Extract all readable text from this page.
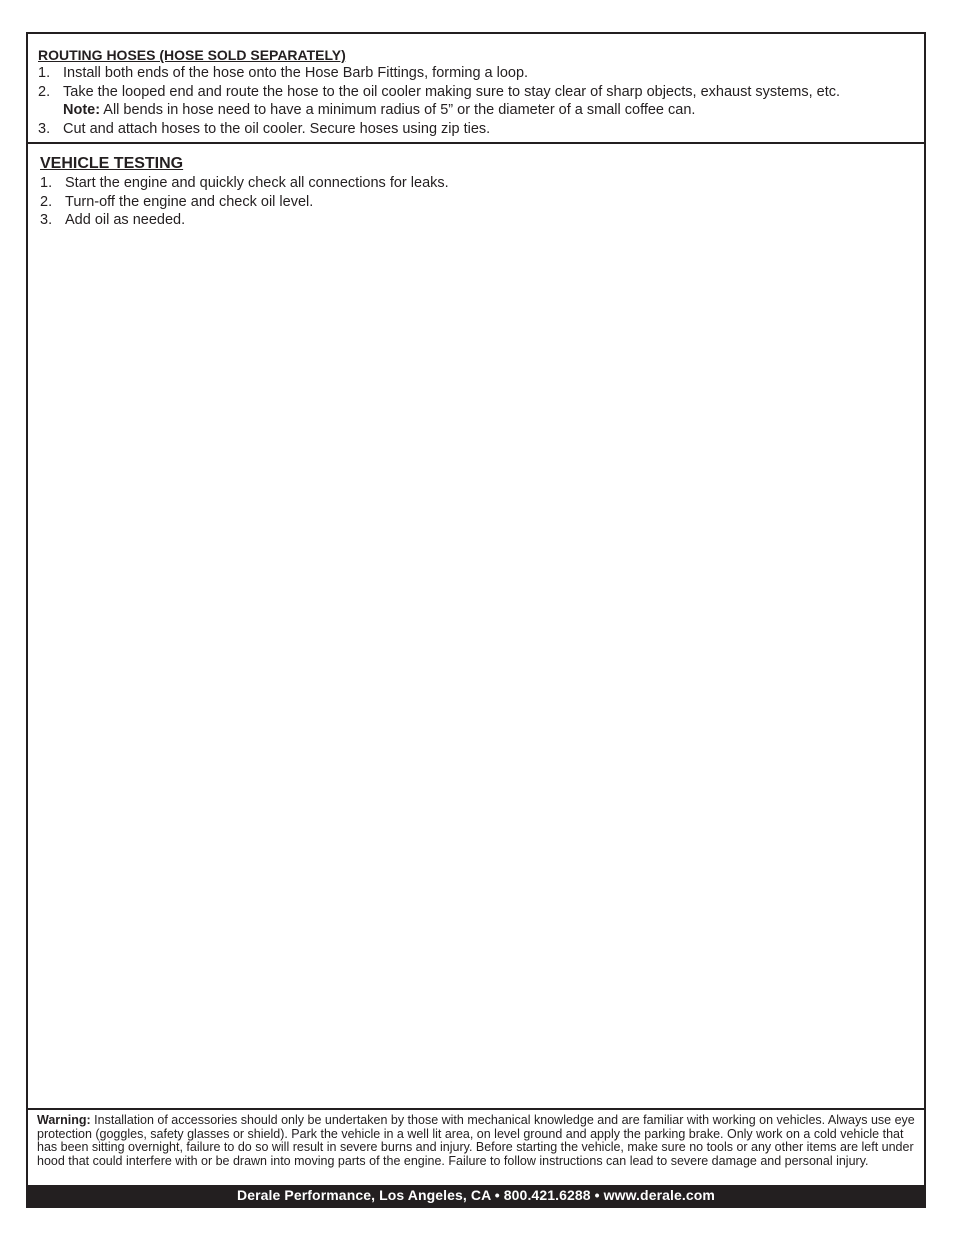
ROUTING HOSES (HOSE SOLD SEPARATELY)
1. Install both ends of the hose onto the Hose Barb Fittings, forming a loop.
2. Take the looped end and route the hose to the oil cooler making sure to stay clear of sharp objects, exhaust systems, etc.
Note: All bends in hose need to have a minimum radius of 5” or the diameter of a small coffee can.
3. Cut and attach hoses to the oil cooler. Secure hoses using zip ties.
VEHICLE TESTING
1. Start the engine and quickly check all connections for leaks.
2. Turn-off the engine and check oil level.
3. Add oil as needed.

Warning: Installation of accessories should only be undertaken by those with mechanical knowledge and are familiar with working on vehicles. Always use eye protection (goggles, safety glasses or shield). Park the vehicle in a well lit area, on level ground and apply the parking brake. Only work on a cold vehicle that has been sitting overnight, failure to do so will result in severe burns and injury. Before starting the vehicle, make sure no tools or any other items are left under hood that could interfere with or be drawn into moving parts of the engine. Failure to follow instructions can lead to severe damage and personal injury.

Derale Performance, Los Angeles, CA • 800.421.6288 • www.derale.com
